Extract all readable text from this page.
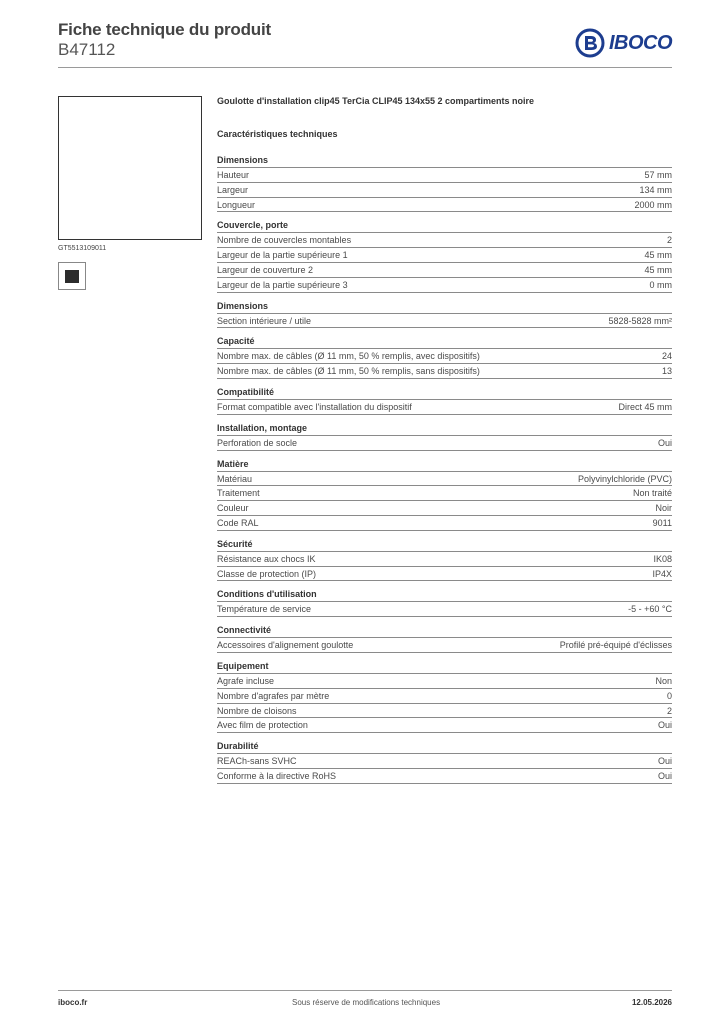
Fiche technique du produit
B47112	IBOCO
GT5513109011
Goulotte d'installation clip45 TerCia CLIP45 134x55 2 compartiments noire
Caractéristiques techniques
Dimensions
Hauteur	57 mm
Largeur	134 mm
Longueur	2000 mm
Couvercle, porte
Nombre de couvercles montables	2
Largeur de la partie supérieure 1	45 mm
Largeur de couverture 2	45 mm
Largeur de la partie supérieure 3	0 mm
Dimensions
Section intérieure / utile	5828-5828 mm²
Capacité
Nombre max. de câbles (Ø 11 mm, 50 % remplis, avec dispositifs)	24
Nombre max. de câbles (Ø 11 mm, 50 % remplis, sans dispositifs)	13
Compatibilité
Format compatible avec l'installation du dispositif	Direct 45 mm
Installation, montage
Perforation de socle	Oui
Matière
Matériau	Polyvinylchloride (PVC)
Traitement	Non traité
Couleur	Noir
Code RAL	9011
Sécurité
Résistance aux chocs IK	IK08
Classe de protection (IP)	IP4X
Conditions d'utilisation
Température de service	-5 - +60 °C
Connectivité
Accessoires d'alignement goulotte	Profilé pré-équipé d'éclisses
Equipement
Agrafe incluse	Non
Nombre d'agrafes par mètre	0
Nombre de cloisons	2
Avec film de protection	Oui
Durabilité
REACh-sans SVHC	Oui
Conforme à la directive RoHS	Oui
iboco.fr	Sous réserve de modifications techniques	12.05.2026
